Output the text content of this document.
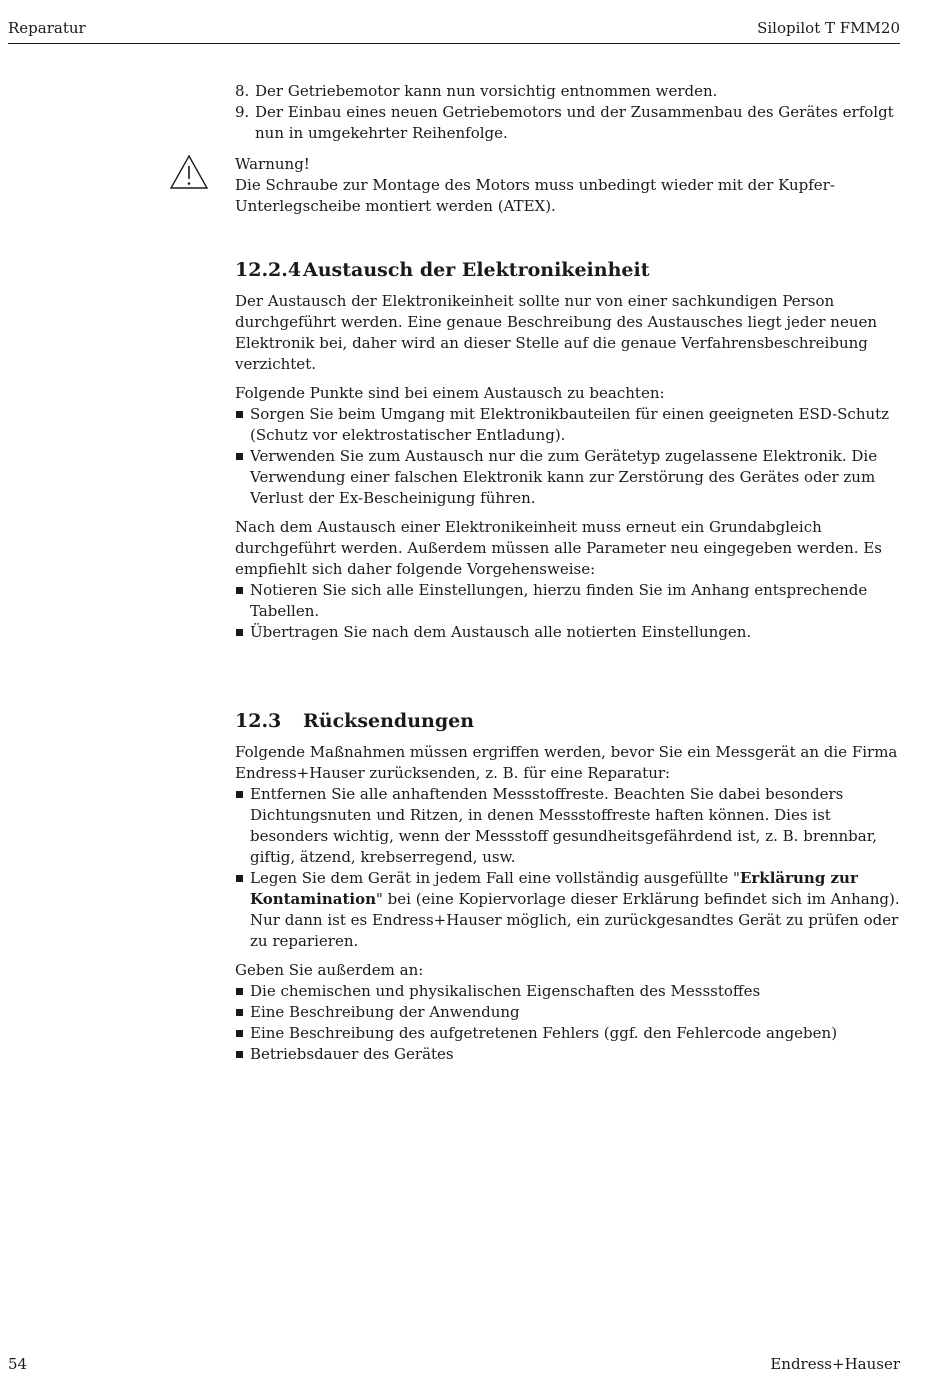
Reparatur	Silopilot T FMM20
8. Der Getriebemotor kann nun vorsichtig entnommen werden.
9. Der Einbau eines neuen Getriebemotors und der Zusammenbau des Gerätes erfolgt nun in umgekehrter Reihenfolge.

Warnung!

Die Schraube zur Montage des Motors muss unbedingt wieder mit der Kupfer-Unterlegscheibe montiert werden (ATEX).

12.2.4Austausch der Elektronikeinheit

Der Austausch der Elektronikeinheit sollte nur von einer sachkundigen Person durchgeführt werden. Eine genaue Beschreibung des Austausches liegt jeder neuen Elektronik bei, daher wird an dieser Stelle auf die genaue Verfahrensbeschreibung verzichtet.

Folgende Punkte sind bei einem Austausch zu beachten:

Sorgen Sie beim Umgang mit Elektronikbauteilen für einen geeigneten ESD-Schutz (Schutz vor elektrostatischer Entladung).
Verwenden Sie zum Austausch nur die zum Gerätetyp zugelassene Elektronik. Die Verwendung einer falschen Elektronik kann zur Zerstörung des Gerätes oder zum Verlust der Ex-Bescheinigung führen.

Nach dem Austausch einer Elektronikeinheit muss erneut ein Grundabgleich durchgeführt werden. Außerdem müssen alle Parameter neu eingegeben werden. Es empfiehlt sich daher folgende Vorgehensweise:

Notieren Sie sich alle Einstellungen, hierzu finden Sie im Anhang entsprechende Tabellen.
Übertragen Sie nach dem Austausch alle notierten Einstellungen.
12.3 Rücksendungen

Folgende Maßnahmen müssen ergriffen werden, bevor Sie ein Messgerät an die Firma Endress+Hauser zurücksenden, z. B. für eine Reparatur:

Entfernen Sie alle anhaftenden Messstoffreste. Beachten Sie dabei besonders Dichtungsnuten und Ritzen, in denen Messstoffreste haften können. Dies ist besonders wichtig, wenn der Messstoff gesundheitsgefährdend ist, z. B. brennbar, giftig, ätzend, krebserregend, usw.
Legen Sie dem Gerät in jedem Fall eine vollständig ausgefüllte "Erklärung zur Kontamination" bei (eine Kopiervorlage dieser Erklärung befindet sich im Anhang). Nur dann ist es Endress+Hauser möglich, ein zurückgesandtes Gerät zu prüfen oder zu reparieren.

Geben Sie außerdem an:

Die chemischen und physikalischen Eigenschaften des Messstoffes
Eine Beschreibung der Anwendung
Eine Beschreibung des aufgetretenen Fehlers (ggf. den Fehlercode angeben)
Betriebsdauer des Gerätes
54	Endress+Hauser
